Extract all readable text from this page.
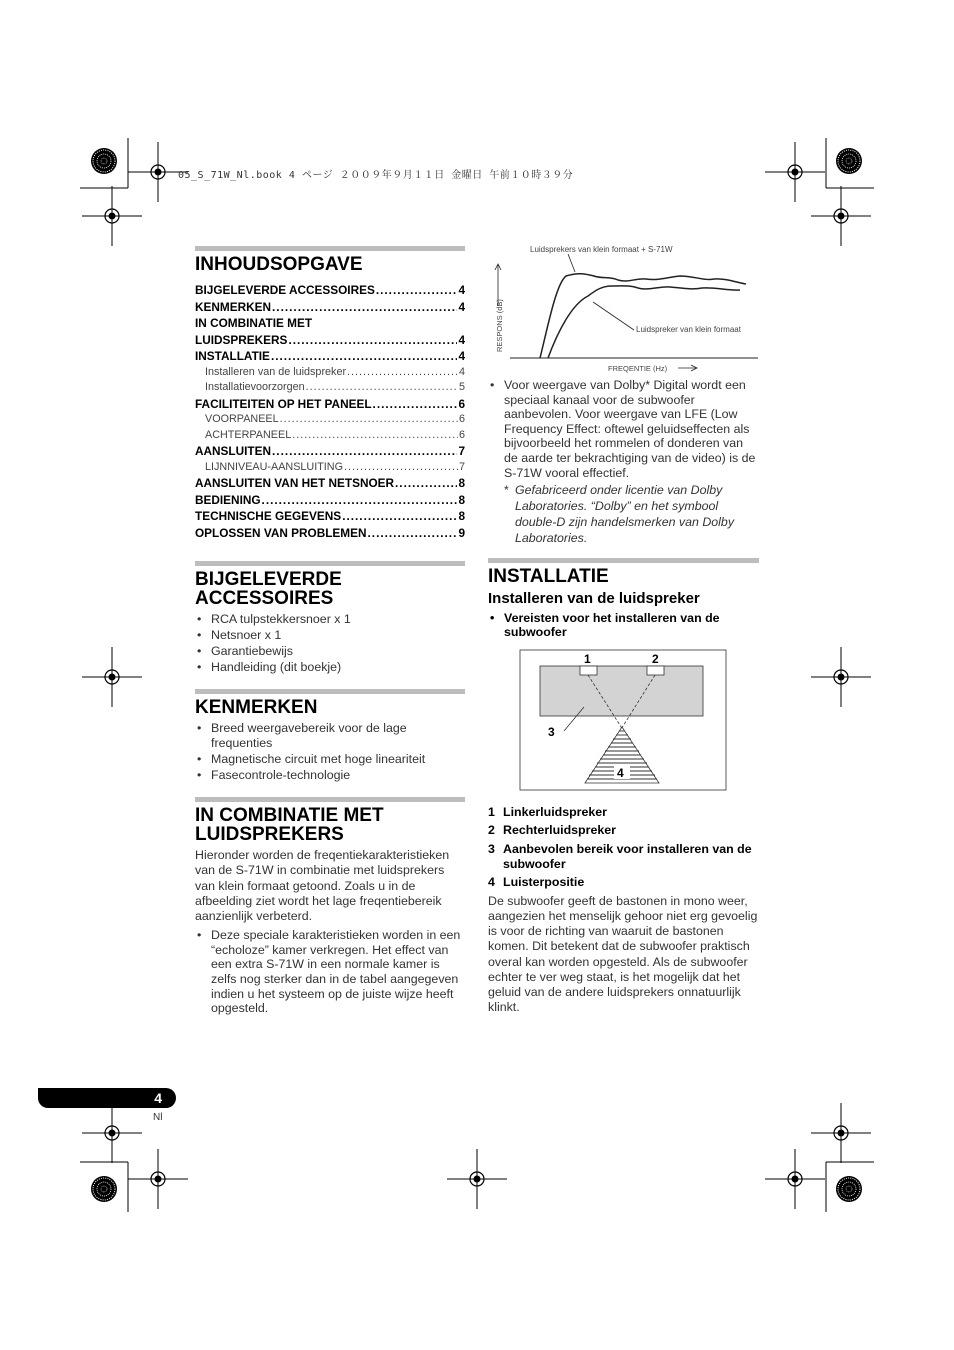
05_S_71W_Nl.book 4 ページ ２００９年９月１１日 金曜日 午前１０時３９分
INHOUDSOPGAVE
BIJGELEVERDE ACCESSOIRES .....	4
KENMERKEN .....	4
IN COMBINATIE MET
LUIDSPREKERS .....	4
INSTALLATIE .....	4
Installeren van de luidspreker .....	4
Installatievoorzorgen .....	5
FACILITEITEN OP HET PANEEL .....	6
VOORPANEEL .....	6
ACHTERPANEEL .....	6
AANSLUITEN .....	7
LIJNNIVEAU-AANSLUITING .....	7
AANSLUITEN VAN HET NETSNOER .....	8
BEDIENING .....	8
TECHNISCHE GEGEVENS .....	8
OPLOSSEN VAN PROBLEMEN .....	9
BIJGELEVERDE
ACCESSOIRES
• RCA tulpstekkersnoer x 1
• Netsnoer x 1
• Garantiebewijs
• Handleiding (dit boekje)
KENMERKEN
• Breed weergavebereik voor de lage frequenties
• Magnetische circuit met hoge lineariteit
• Fasecontrole-technologie
IN COMBINATIE MET
LUIDSPREKERS

Hieronder worden de freqentiekarakteristieken van de S-71W in combinatie met luidsprekers van klein formaat getoond. Zoals u in de afbeelding ziet wordt het lage freqentiebereik aanzienlijk verbeterd.

• Deze speciale karakteristieken worden in een “echoloze” kamer verkregen. Het effect van een extra S-71W in een normale kamer is zelfs nog sterker dan in de tabel aangegeven indien u het systeem op de juiste wijze heeft opgesteld.
Luidsprekers van klein formaat + S-71W
Luidspreker van klein formaat
RESPONS (dB)
FREQENTIE (Hz)
• Voor weergave van Dolby* Digital wordt een speciaal kanaal voor de subwoofer aanbevolen. Voor weergave van LFE (Low Frequency Effect: oftewel geluidseffecten als bijvoorbeeld het rommelen of donderen van de aarde ter bekrachtiging van de video) is de S-71W vooral effectief.
* Gefabriceerd onder licentie van Dolby Laboratories. “Dolby” en het symbool double-D zijn handelsmerken van Dolby Laboratories.
INSTALLATIE
Installeren van de luidspreker
• Vereisten voor het installeren van de subwoofer
1	2
3
4
1 Linkerluidspreker
2 Rechterluidspreker
3 Aanbevolen bereik voor installeren van de subwoofer
4 Luisterpositie

De subwoofer geeft de bastonen in mono weer, aangezien het menselijk gehoor niet erg gevoelig is voor de richting van waaruit de bastonen komen. Dit betekent dat de subwoofer praktisch overal kan worden opgesteld. Als de subwoofer echter te ver weg staat, is het mogelijk dat het geluid van de andere luidsprekers onnatuurlijk klinkt.

4
Nl
